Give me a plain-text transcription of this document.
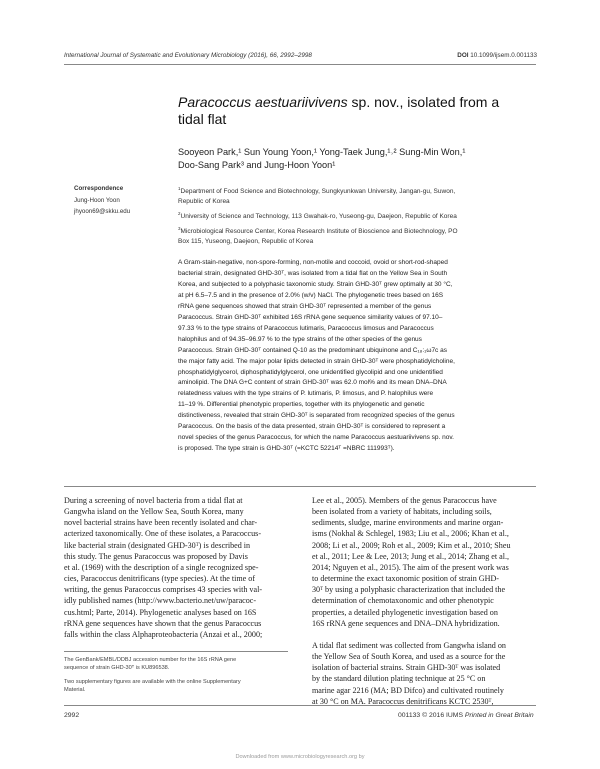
International Journal of Systematic and Evolutionary Microbiology (2016), 66, 2992–2998	DOI 10.1099/ijsem.0.001133
Paracoccus aestuariivivens sp. nov., isolated from a tidal flat
Sooyeon Park,¹ Sun Young Yoon,¹ Yong-Taek Jung,¹˒² Sung-Min Won,¹
Doo-Sang Park³ and Jung-Hoon Yoon¹
Correspondence
Jung-Hoon Yoon
jhyoon69@skku.edu
$^1$Department of Food Science and Biotechnology, Sungkyunkwan University, Jangan-gu, Suwon,
Republic of Korea
$^2$University of Science and Technology, 113 Gwahak-ro, Yuseong-gu, Daejeon, Republic of Korea
$^3$Microbiological Resource Center, Korea Research Institute of Bioscience and Biotechnology, PO
Box 115, Yuseong, Daejeon, Republic of Korea
A Gram-stain-negative, non-spore-forming, non-motile and coccoid, ovoid or short-rod-shaped
bacterial strain, designated GHD-30ᵀ, was isolated from a tidal flat on the Yellow Sea in South
Korea, and subjected to a polyphasic taxonomic study. Strain GHD-30ᵀ grew optimally at 30 °C,
at pH 6.5–7.5 and in the presence of 2.0% (w/v) NaCl. The phylogenetic trees based on 16S
rRNA gene sequences showed that strain GHD-30ᵀ represented a member of the genus
Paracoccus. Strain GHD-30ᵀ exhibited 16S rRNA gene sequence similarity values of 97.10–
97.33 % to the type strains of Paracoccus lutimaris, Paracoccus limosus and Paracoccus
halophilus and of 94.35–96.97 % to the type strains of the other species of the genus
Paracoccus. Strain GHD-30ᵀ contained Q-10 as the predominant ubiquinone and C₁₈:₁ω7c as
the major fatty acid. The major polar lipids detected in strain GHD-30ᵀ were phosphatidylcholine,
phosphatidylglycerol, diphosphatidylglycerol, one unidentified glycolipid and one unidentified
aminolipid. The DNA G+C content of strain GHD-30ᵀ was 62.0 mol% and its mean DNA–DNA
relatedness values with the type strains of P. lutimaris, P. limosus, and P. halophilus were
11–19 %. Differential phenotypic properties, together with its phylogenetic and genetic
distinctiveness, revealed that strain GHD-30ᵀ is separated from recognized species of the genus
Paracoccus. On the basis of the data presented, strain GHD-30ᵀ is considered to represent a
novel species of the genus Paracoccus, for which the name Paracoccus aestuariivivens sp. nov.
is proposed. The type strain is GHD-30ᵀ (=KCTC 52214ᵀ =NBRC 111993ᵀ).
During a screening of novel bacteria from a tidal flat at
Gangwha island on the Yellow Sea, South Korea, many
novel bacterial strains have been recently isolated and char-
acterized taxonomically. One of these isolates, a Paracoccus-
like bacterial strain (designated GHD-30ᵀ) is described in
this study. The genus Paracoccus was proposed by Davis
et al. (1969) with the description of a single recognized spe-
cies, Paracoccus denitrificans (type species). At the time of
writing, the genus Paracoccus comprises 43 species with val-
idly published names (http://www.bacterio.net/uw/paracoc-
cus.html; Parte, 2014). Phylogenetic analyses based on 16S
rRNA gene sequences have shown that the genus Paracoccus
falls within the class Alphaproteobacteria (Anzai et al., 2000;
Lee et al., 2005). Members of the genus Paracoccus have
been isolated from a variety of habitats, including soils,
sediments, sludge, marine environments and marine organ-
isms (Nokhal & Schlegel, 1983; Liu et al., 2006; Khan et al.,
2008; Li et al., 2009; Roh et al., 2009; Kim et al., 2010; Sheu
et al., 2011; Lee & Lee, 2013; Jung et al., 2014; Zhang et al.,
2014; Nguyen et al., 2015). The aim of the present work was
to determine the exact taxonomic position of strain GHD-
30ᵀ by using a polyphasic characterization that included the
determination of chemotaxonomic and other phenotypic
properties, a detailed phylogenetic investigation based on
16S rRNA gene sequences and DNA–DNA hybridization.
A tidal flat sediment was collected from Gangwha island on
the Yellow Sea of South Korea, and used as a source for the
isolation of bacterial strains. Strain GHD-30ᵀ was isolated
by the standard dilution plating technique at 25 °C on
marine agar 2216 (MA; BD Difco) and cultivated routinely
at 30 °C on MA. Paracoccus denitrificans KCTC 2530ᵀ,
The GenBank/EMBL/DDBJ accession number for the 16S rRNA gene
sequence of strain GHD-30ᵀ is KU896538.
Two supplementary figures are available with the online Supplementary
Material.
2992	001133 © 2016 IUMS Printed in Great Britain
Downloaded from www.microbiologyresearch.org by
